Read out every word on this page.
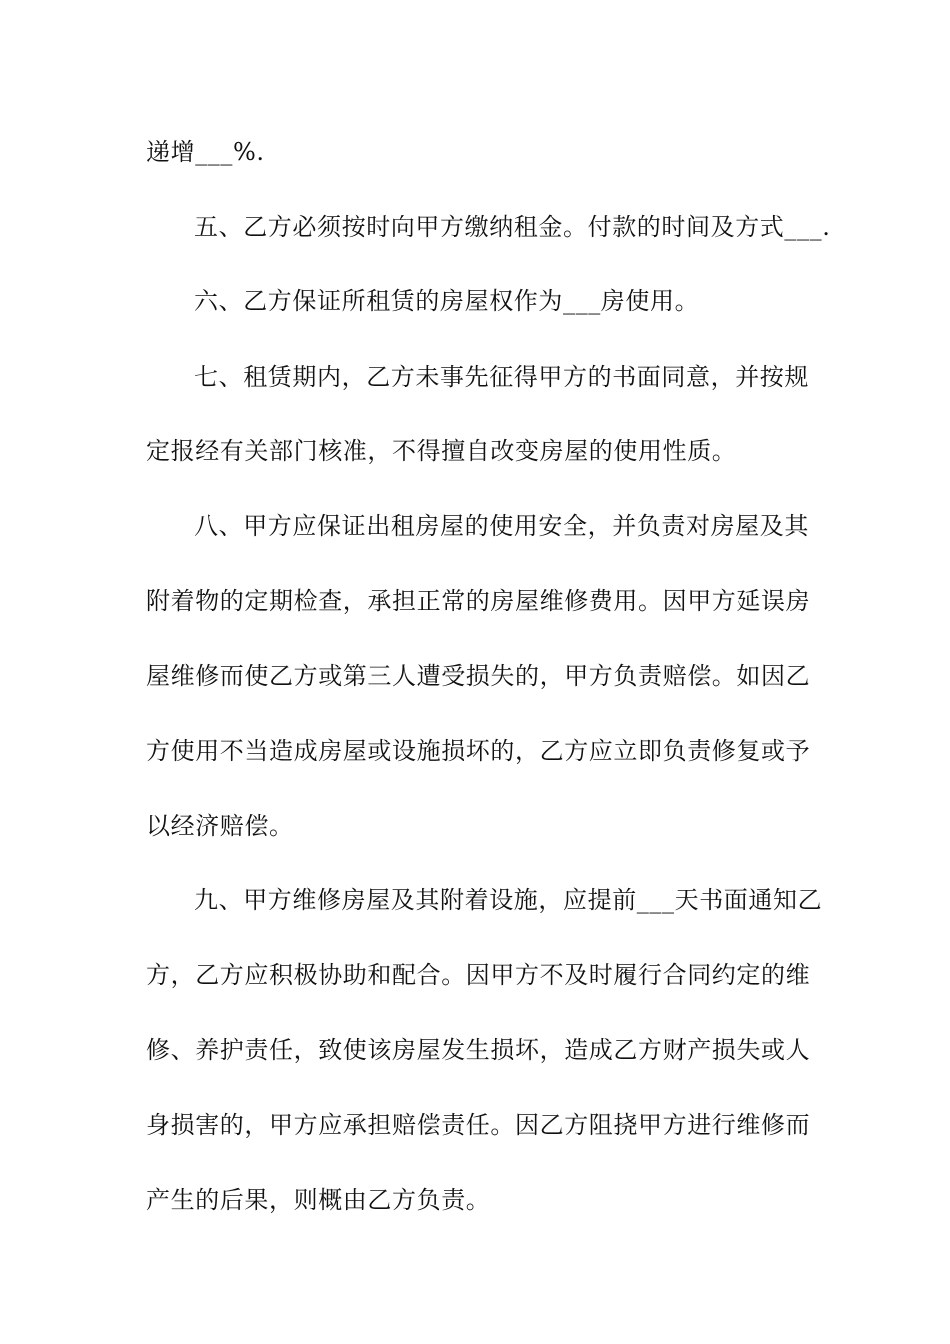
递增___%.
五、乙方必须按时向甲方缴纳租金。付款的时间及方式___.
六、乙方保证所租赁的房屋权作为___房使用。
七、租赁期内，乙方未事先征得甲方的书面同意，并按规
定报经有关部门核准，不得擅自改变房屋的使用性质。
八、甲方应保证出租房屋的使用安全，并负责对房屋及其
附着物的定期检查，承担正常的房屋维修费用。因甲方延误房
屋维修而使乙方或第三人遭受损失的，甲方负责赔偿。如因乙
方使用不当造成房屋或设施损坏的，乙方应立即负责修复或予
以经济赔偿。
九、甲方维修房屋及其附着设施，应提前___天书面通知乙
方，乙方应积极协助和配合。因甲方不及时履行合同约定的维
修、养护责任，致使该房屋发生损坏，造成乙方财产损失或人
身损害的，甲方应承担赔偿责任。因乙方阻挠甲方进行维修而
产生的后果，则概由乙方负责。
